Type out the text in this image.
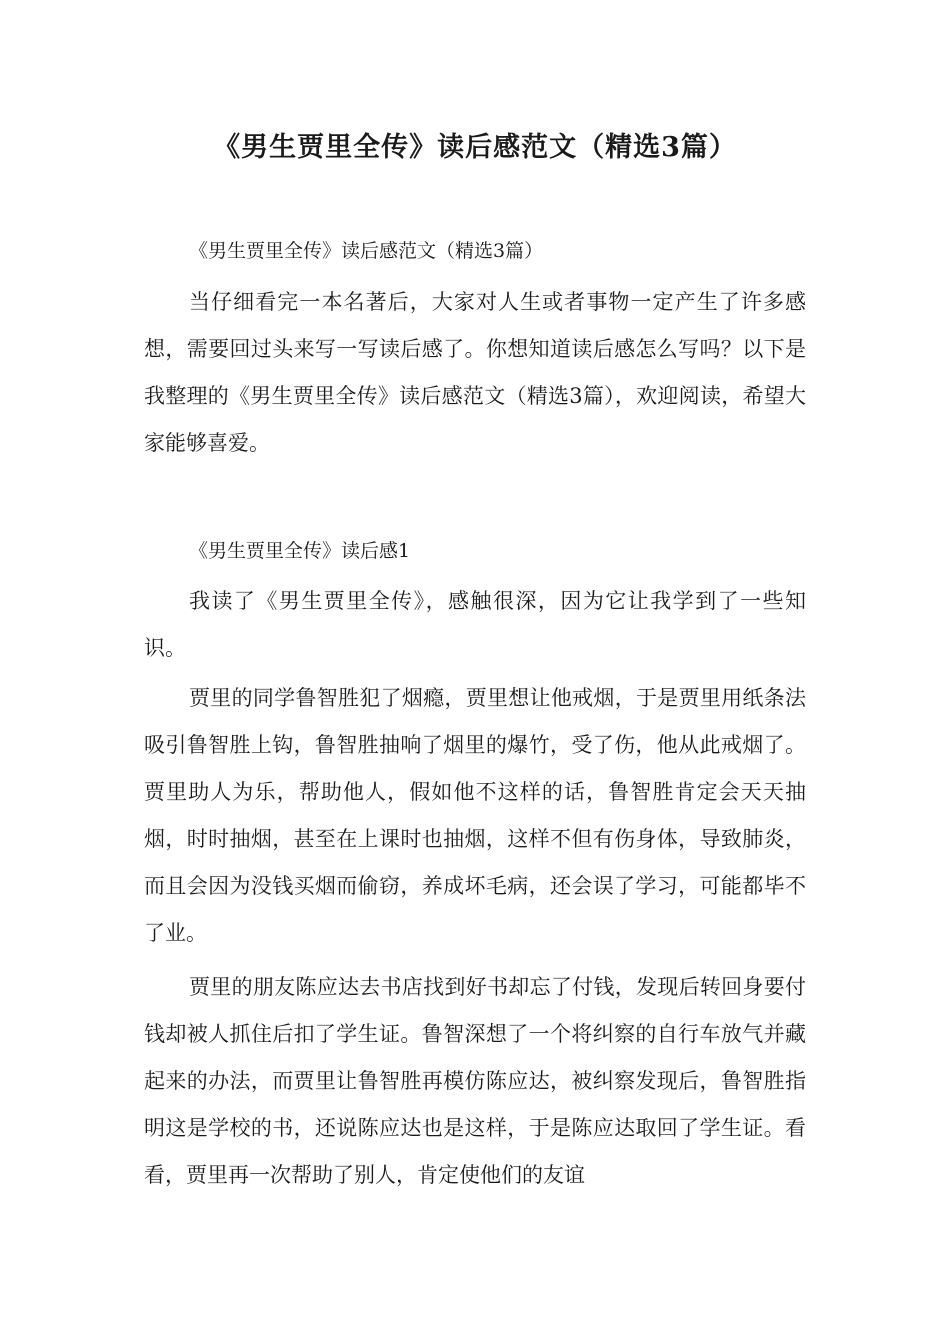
《男生贾里全传》读后感范文（精选3篇）

《男生贾里全传》读后感范文（精选3篇）

当仔细看完一本名著后，大家对人生或者事物一定产生了许多感想，需要回过头来写一写读后感了。你想知道读后感怎么写吗？以下是我整理的《男生贾里全传》读后感范文（精选3篇），欢迎阅读，希望大家能够喜爱。

《男生贾里全传》读后感1

我读了《男生贾里全传》，感触很深，因为它让我学到了一些知识。

贾里的同学鲁智胜犯了烟瘾，贾里想让他戒烟，于是贾里用纸条法吸引鲁智胜上钩，鲁智胜抽响了烟里的爆竹，受了伤，他从此戒烟了。贾里助人为乐，帮助他人，假如他不这样的话，鲁智胜肯定会天天抽烟，时时抽烟，甚至在上课时也抽烟，这样不但有伤身体，导致肺炎，而且会因为没钱买烟而偷窃，养成坏毛病，还会误了学习，可能都毕不了业。

贾里的朋友陈应达去书店找到好书却忘了付钱，发现后转回身要付钱却被人抓住后扣了学生证。鲁智深想了一个将纠察的自行车放气并藏起来的办法，而贾里让鲁智胜再模仿陈应达，被纠察发现后，鲁智胜指明这是学校的书，还说陈应达也是这样，于是陈应达取回了学生证。看看，贾里再一次帮助了别人，肯定使他们的友谊
